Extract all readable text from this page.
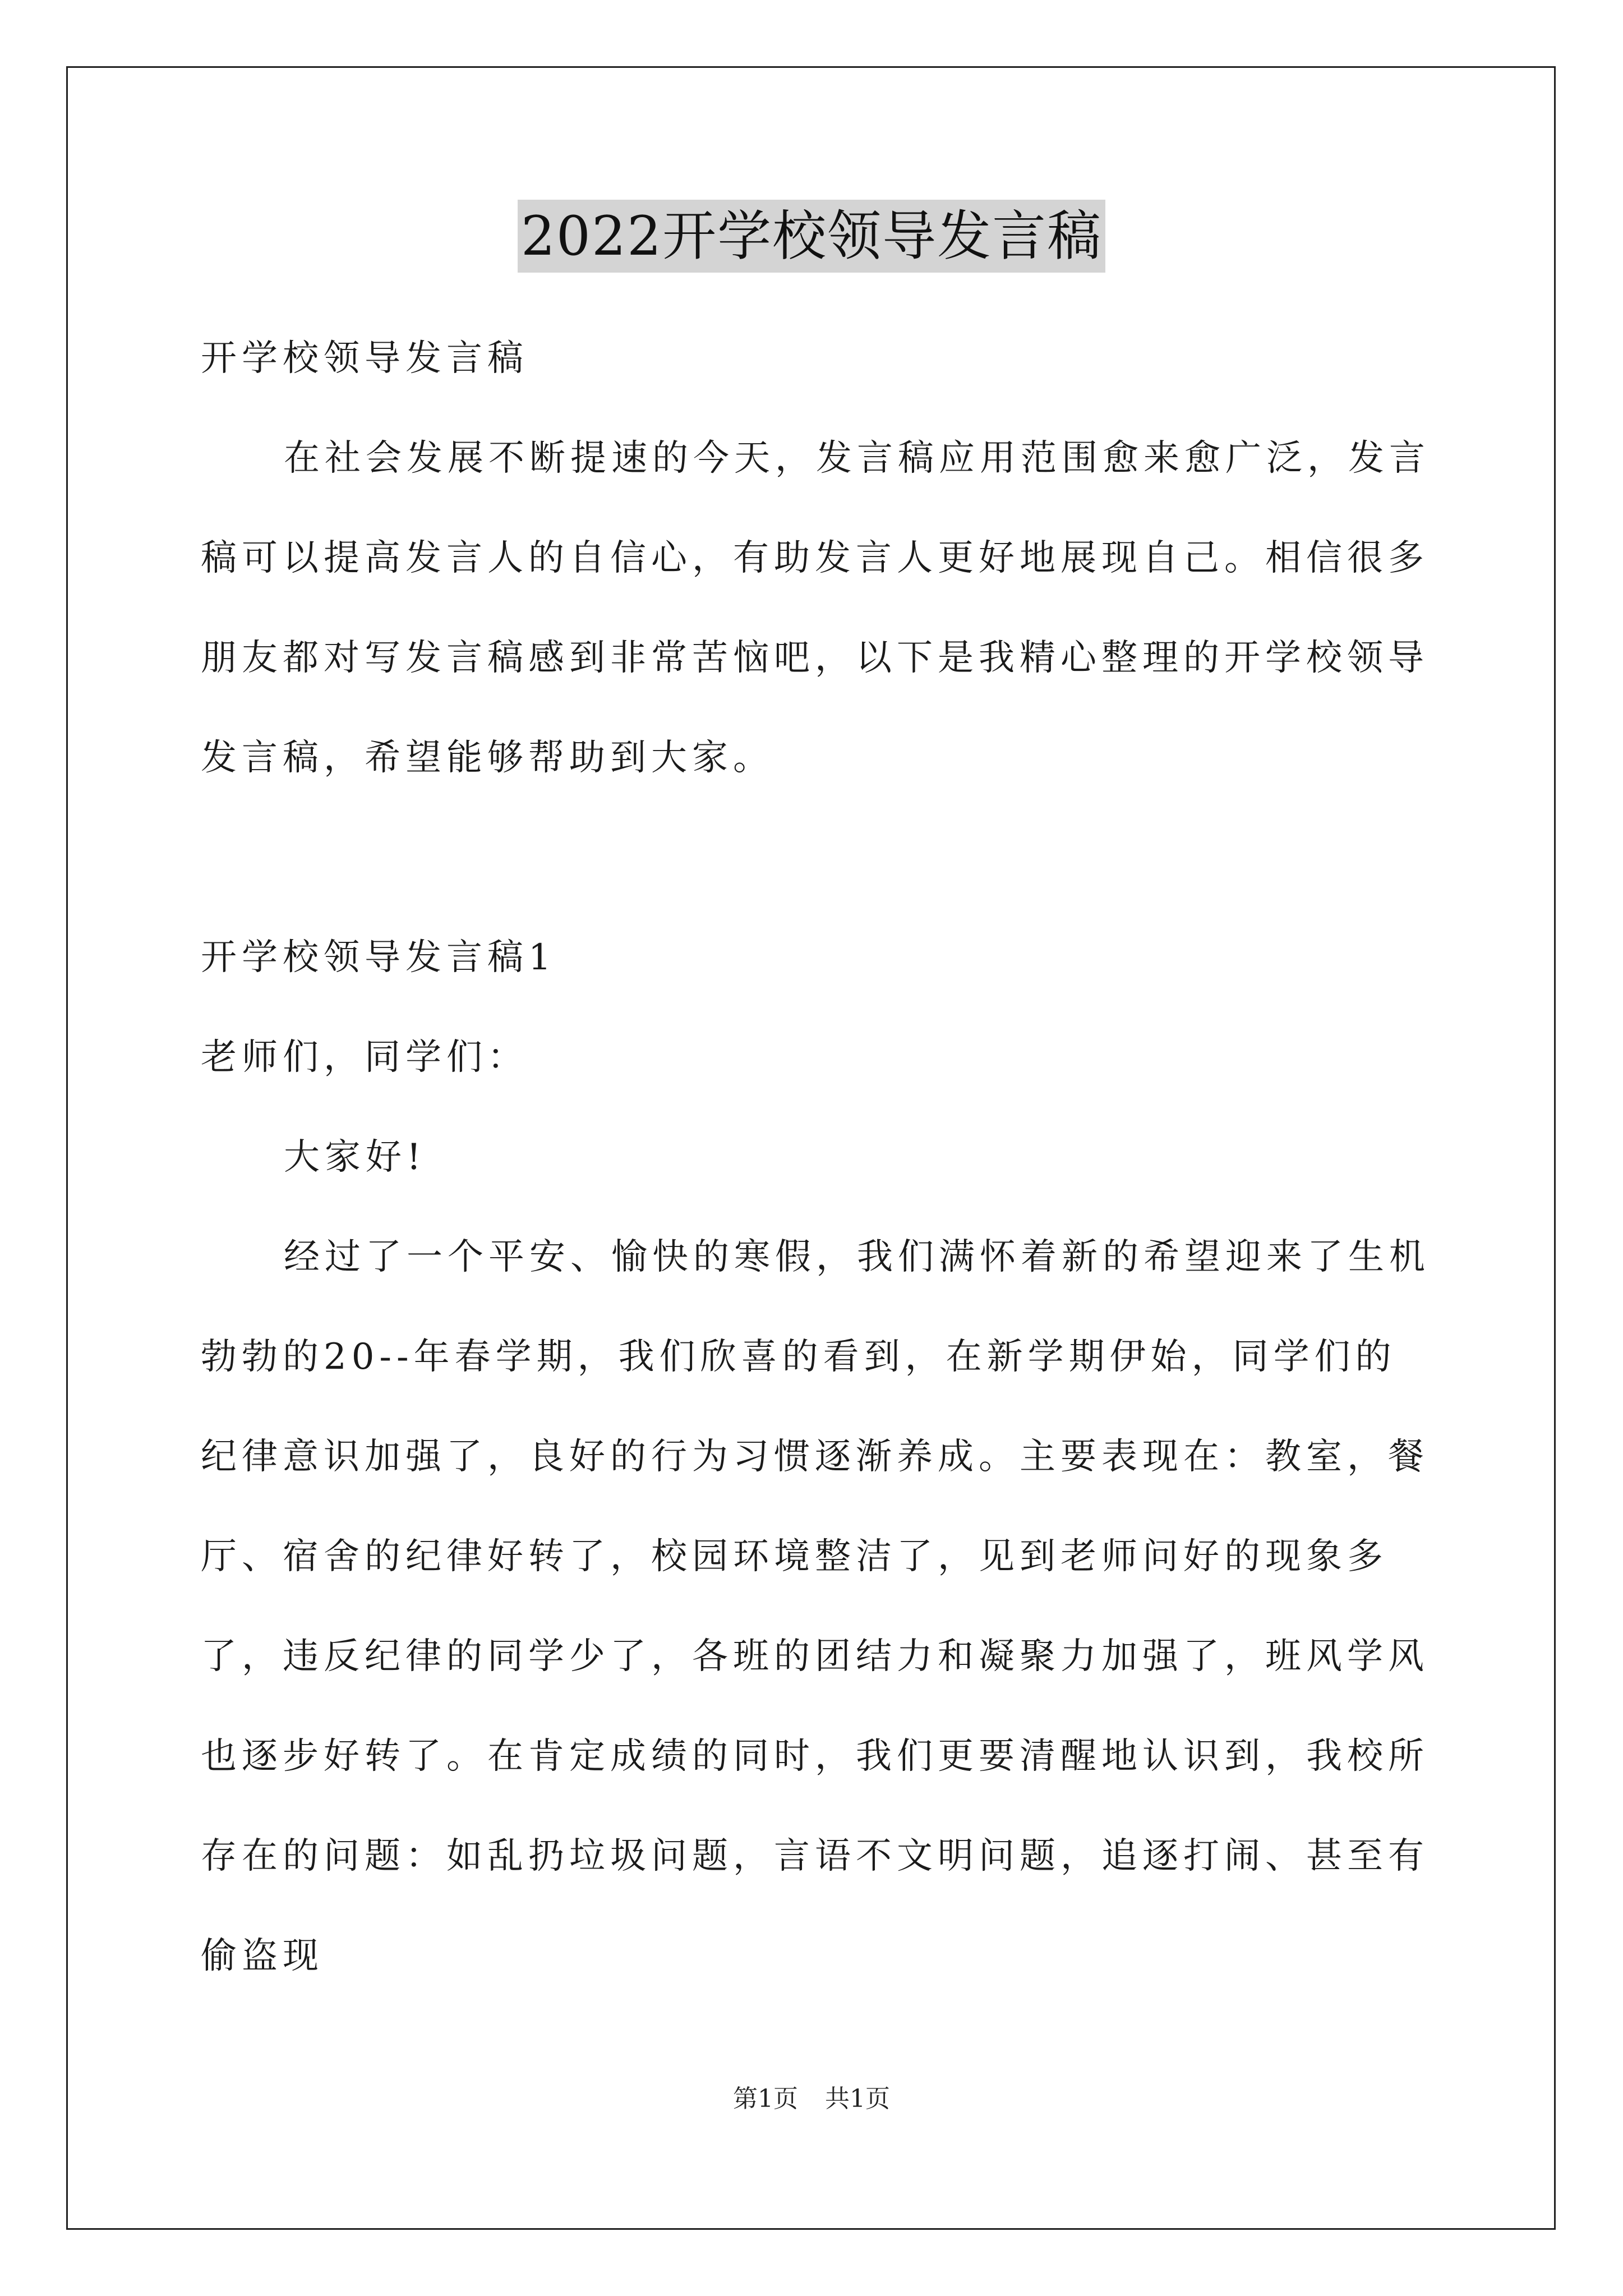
2022开学校领导发言稿

开学校领导发言稿

在社会发展不断提速的今天，发言稿应用范围愈来愈广泛，发言稿可以提高发言人的自信心，有助发言人更好地展现自己。相信很多朋友都对写发言稿感到非常苦恼吧，以下是我精心整理的开学校领导发言稿，希望能够帮助到大家。

开学校领导发言稿1

老师们，同学们：

大家好!

经过了一个平安、愉快的寒假，我们满怀着新的希望迎来了生机勃勃的20--年春学期，我们欣喜的看到，在新学期伊始，同学们的纪律意识加强了，良好的行为习惯逐渐养成。主要表现在：教室，餐厅、宿舍的纪律好转了，校园环境整洁了，见到老师问好的现象多了，违反纪律的同学少了，各班的团结力和凝聚力加强了，班风学风也逐步好转了。在肯定成绩的同时，我们更要清醒地认识到，我校所存在的问题：如乱扔垃圾问题，言语不文明问题，追逐打闹、甚至有偷盗现

第1页 共1页
